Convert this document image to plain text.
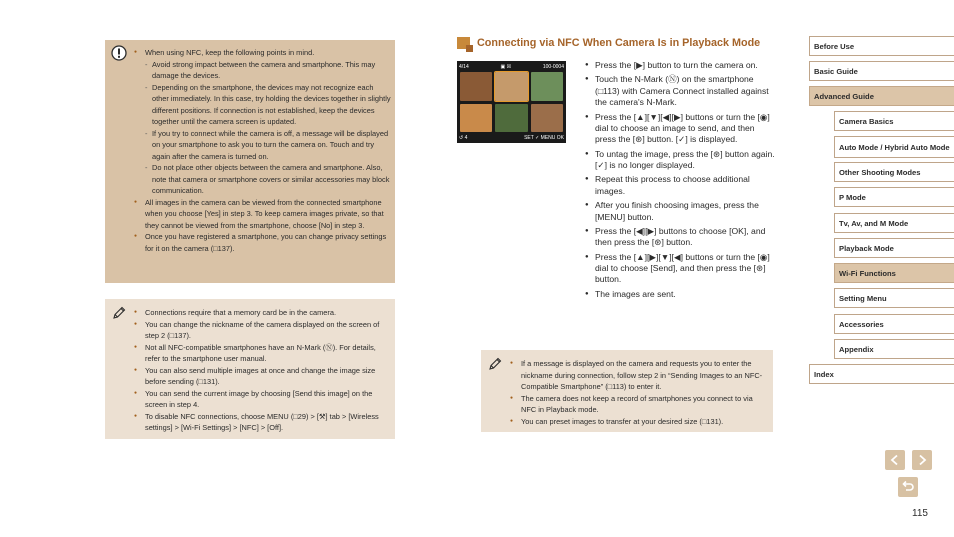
● When using NFC, keep the following points in mind.
- Avoid strong impact between the camera and smartphone. This may damage the devices.
- Depending on the smartphone, the devices may not recognize each other immediately. In this case, try holding the devices together in slightly different positions. If connection is not established, keep the devices together until the camera screen is updated.
- If you try to connect while the camera is off, a message will be displayed on your smartphone to ask you to turn the camera on. Touch and try again after the camera is turned on.
- Do not place other objects between the camera and smartphone. Also, note that camera or smartphone covers or similar accessories may block communication.
● All images in the camera can be viewed from the connected smartphone when you choose [Yes] in step 3. To keep camera images private, so that they cannot be viewed from the smartphone, choose [No] in step 3.
● Once you have registered a smartphone, you can change privacy settings for it on the camera (□137).
● Connections require that a memory card be in the camera.
● You can change the nickname of the camera displayed on the screen of step 2 (□137).
● Not all NFC-compatible smartphones have an N-Mark (Ⓝ). For details, refer to the smartphone user manual.
● You can also send multiple images at once and change the image size before sending (□131).
● You can send the current image by choosing [Send this image] on the screen in step 4.
● To disable NFC connections, choose MENU (□29) > [⚒] tab > [Wireless settings] > [Wi-Fi Settings] > [NFC] > [Off].
Connecting via NFC When Camera Is in Playback Mode
4/14	▣ ☒	100-0004
↺ 4	SET ✓ MENU OK
● Press the [▶] button to turn the camera on.
● Touch the N-Mark (Ⓝ) on the smartphone (□113) with Camera Connect installed against the camera's N-Mark.
● Press the [▲][▼][◀][▶] buttons or turn the [◉] dial to choose an image to send, and then press the [⊛] button. [✓] is displayed.
● To untag the image, press the [⊛] button again. [✓] is no longer displayed.
● Repeat this process to choose additional images.
● After you finish choosing images, press the [MENU] button.
● Press the [◀][▶] buttons to choose [OK], and then press the [⊛] button.
● Press the [▲][▶][▼][◀] buttons or turn the [◉] dial to choose [Send], and then press the [⊛] button.
● The images are sent.
● If a message is displayed on the camera and requests you to enter the nickname during connection, follow step 2 in “Sending Images to an NFC-Compatible Smartphone” (□113) to enter it.
● The camera does not keep a record of smartphones you connect to via NFC in Playback mode.
● You can preset images to transfer at your desired size (□131).
Before Use
Basic Guide
Advanced Guide
Camera Basics
Auto Mode / Hybrid Auto Mode
Other Shooting Modes
P Mode
Tv, Av, and M Mode
Playback Mode
Wi-Fi Functions
Setting Menu
Accessories
Appendix
Index
115
